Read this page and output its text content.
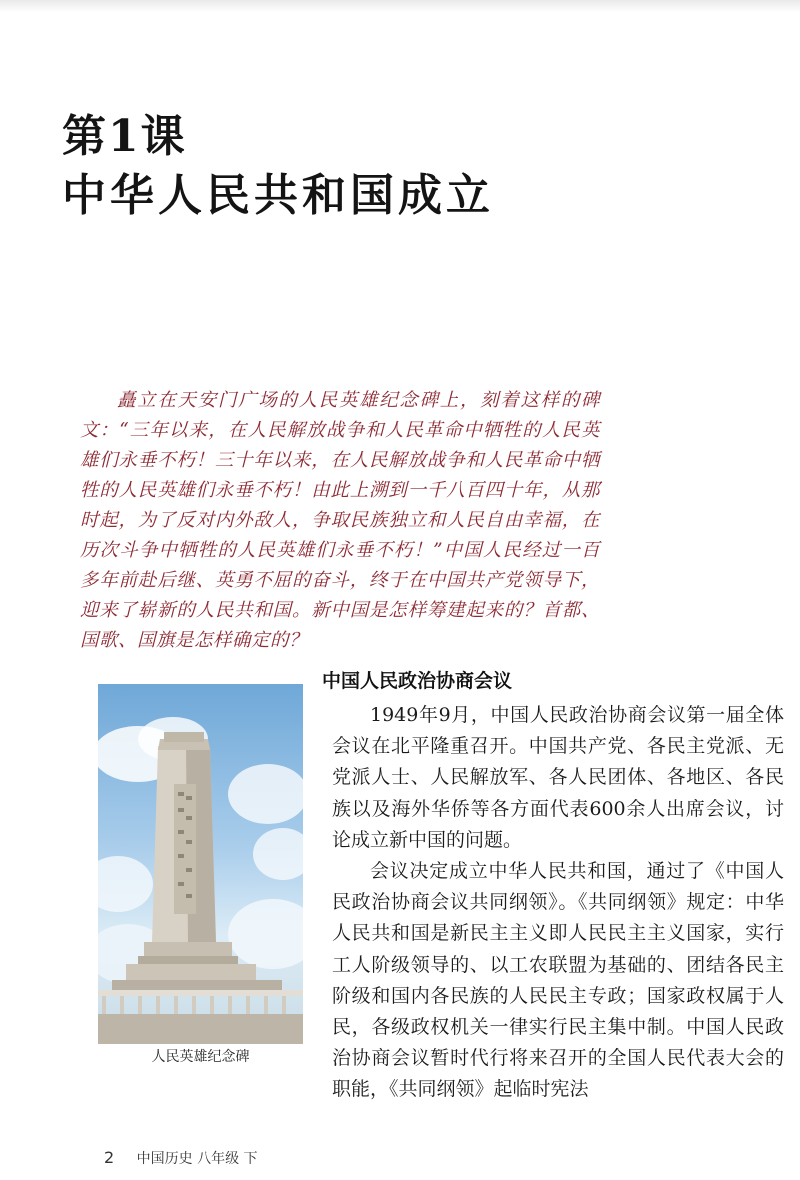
第1课
中华人民共和国成立

矗立在天安门广场的人民英雄纪念碑上，刻着这样的碑文：“三年以来，在人民解放战争和人民革命中牺牲的人民英雄们永垂不朽！三十年以来，在人民解放战争和人民革命中牺牲的人民英雄们永垂不朽！由此上溯到一千八百四十年，从那时起，为了反对内外敌人，争取民族独立和人民自由幸福，在历次斗争中牺牲的人民英雄们永垂不朽！”中国人民经过一百多年前赴后继、英勇不屈的奋斗，终于在中国共产党领导下，迎来了崭新的人民共和国。新中国是怎样筹建起来的？首都、国歌、国旗是怎样确定的？

人民英雄纪念碑
中国人民政治协商会议

1949年9月，中国人民政治协商会议第一届全体会议在北平隆重召开。中国共产党、各民主党派、无党派人士、人民解放军、各人民团体、各地区、各民族以及海外华侨等各方面代表600余人出席会议，讨论成立新中国的问题。

会议决定成立中华人民共和国，通过了《中国人民政治协商会议共同纲领》。《共同纲领》规定：中华人民共和国是新民主主义即人民民主主义国家，实行工人阶级领导的、以工农联盟为基础的、团结各民主阶级和国内各民族的人民民主专政；国家政权属于人民，各级政权机关一律实行民主集中制。中国人民政治协商会议暂时代行将来召开的全国人民代表大会的职能，《共同纲领》起临时宪法

2 中国历史 八年级 下
